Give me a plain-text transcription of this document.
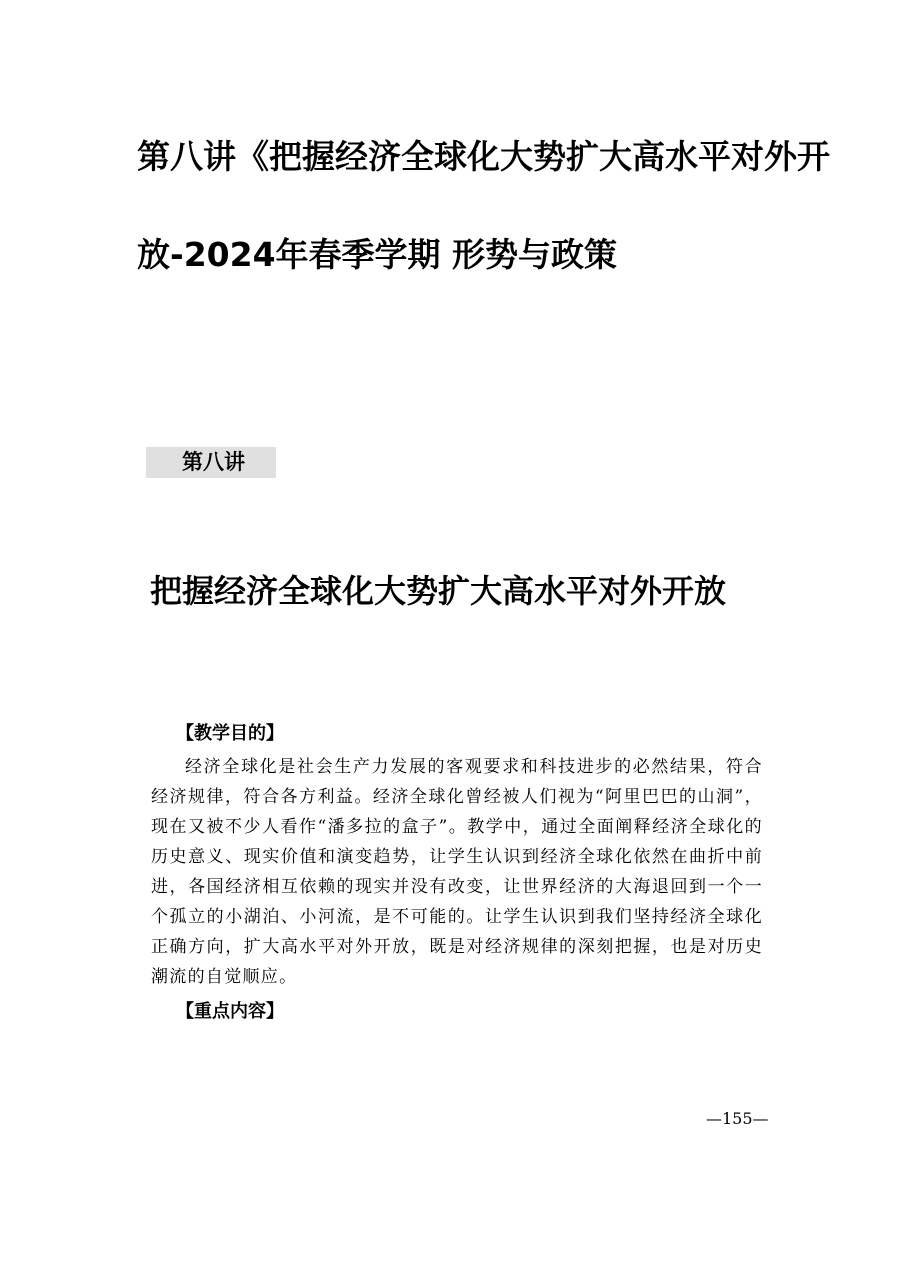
第八讲《把握经济全球化大势扩大高水平对外开
放-2024年春季学期 形势与政策
第八讲
把握经济全球化大势扩大高水平对外开放

【教学目的】

经济全球化是社会生产力发展的客观要求和科技进步的必然结果，符合经济规律，符合各方利益。经济全球化曾经被人们视为“阿里巴巴的山洞”，现在又被不少人看作“潘多拉的盒子”。教学中，通过全面阐释经济全球化的历史意义、现实价值和演变趋势，让学生认识到经济全球化依然在曲折中前进，各国经济相互依赖的现实并没有改变，让世界经济的大海退回到一个一个孤立的小湖泊、小河流，是不可能的。让学生认识到我们坚持经济全球化正确方向，扩大高水平对外开放，既是对经济规律的深刻把握，也是对历史潮流的自觉顺应。

【重点内容】

—155—
